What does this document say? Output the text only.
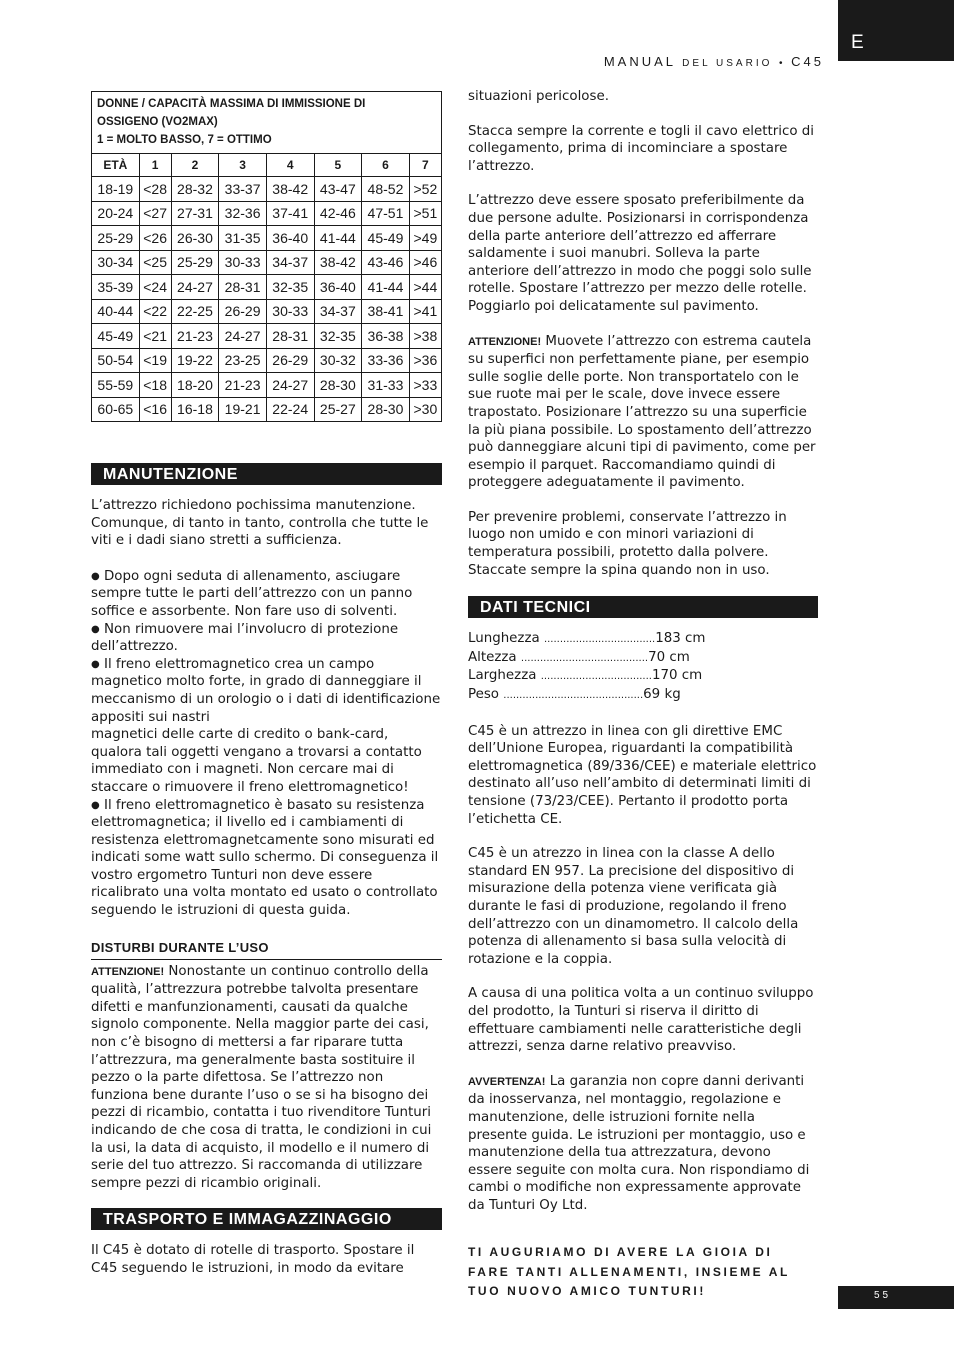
E
MANUAL DEL USARIO • C45
55
DONNE / CAPACITÀ MASSIMA DI IMMISSIONE DI
OSSIGENO (VO2MAX)
1 = MOLTO BASSO, 7 = OTTIMO							

ETÀ	1	2	3	4	5	6	7
18-19	<28	28-32	33-37	38-42	43-47	48-52	>52
20-24	<27	27-31	32-36	37-41	42-46	47-51	>51
25-29	<26	26-30	31-35	36-40	41-44	45-49	>49
30-34	<25	25-29	30-33	34-37	38-42	43-46	>46
35-39	<24	24-27	28-31	32-35	36-40	41-44	>44
40-44	<22	22-25	26-29	30-33	34-37	38-41	>41
45-49	<21	21-23	24-27	28-31	32-35	36-38	>38
50-54	<19	19-22	23-25	26-29	30-32	33-36	>36
55-59	<18	18-20	21-23	24-27	28-30	31-33	>33
60-65	<16	16-18	19-21	22-24	25-27	28-30	>30
MANUTENZIONE

L’attrezzo richiedono pochissima manutenzione. Comunque, di tanto in tanto, controlla che tutte le viti e i dadi siano stretti a sufficienza.

● Dopo ogni seduta di allenamento, asciugare sempre tutte le parti dell’attrezzo con un panno soffice e assorbente. Non fare uso di solventi.

● Non rimuovere mai l’involucro di protezione dell’attrezzo.

● Il freno elettromagnetico crea un campo magnetico molto forte, in grado di danneggiare il meccanismo di un orologio o i dati di identificazione appositi sui nastri

magnetici delle carte di credito o bank-card, qualora tali oggetti vengano a trovarsi a contatto immediato con i magneti. Non cercare mai di staccare o rimuovere il freno elettromagnetico!

● Il freno elettromagnetico è basato su resistenza elettromagnetica; il livello ed i cambiamenti di resistenza elettromagnetcamente sono misurati ed indicati some watt sullo schermo. Di conseguenza il vostro ergometro Tunturi non deve essere ricalibrato una volta montato ed usato o controllato seguendo le istruzioni di questa guida.

DISTURBI DURANTE L’USO

ATTENZIONE! Nonostante un continuo controllo della qualità, l’attrezzura potrebbe talvolta presentare difetti e manfunzionamenti, causati da qualche signolo componente. Nella maggior parte dei casi, non c’è bisogno di mettersi a far riparare tutta l’attrezzura, ma generalmente basta sostituire il pezzo o la parte difettosa. Se l’attrezzo non funziona bene durante l’uso o se si ha bisogno dei pezzi di ricambio, contatta i tuo rivenditore Tunturi indicando de che cosa di tratta, le condizioni in cui la usi, la data di acquisto, il modello e il numero di serie del tuo attrezzo. Si raccomanda di utilizzare sempre pezzi di ricambio originali.

TRASPORTO E IMMAGAZZINAGGIO

Il C45 è dotato di rotelle di trasporto. Spostare il C45 seguendo le istruzioni, in modo da evitare

situazioni pericolose.

Stacca sempre la corrente e togli il cavo elettrico di collegamento, prima di incominciare a spostare l’attrezzo.

L’attrezzo deve essere sposato preferibilmente da due persone adulte. Posizionarsi in corrispondenza della parte anteriore dell’attrezzo ed afferrare saldamente i suoi manubri. Solleva la parte anteriore dell’attrezzo in modo che poggi solo sulle rotelle. Spostare l’attrezzo per mezzo delle rotelle. Poggiarlo poi delicatamente sul pavimento.

ATTENZIONE! Muovete l’attrezzo con estrema cautela su superfici non perfettamente piane, per esempio sulle soglie delle porte. Non transportatelo con le sue ruote mai per le scale, dove invece essere trapostato. Posizionare l’attrezzo su una superficie la più piana possibile. Lo spostamento dell’attrezzo può danneggiare alcuni tipi di pavimento, come per esempio il parquet. Raccomandiamo quindi di proteggere adeguatamente il pavimento.

Per prevenire problemi, conservate l’attrezzo in luogo non umido e con minori variazioni di temperatura possibili, protetto dalla polvere. Staccate sempre la spina quando non in uso.

DATI TECNICI
Lunghezza ...................................183 cm
Altezza ........................................70 cm
Larghezza ...................................170 cm
Peso ............................................69 kg

C45 è un attrezzo in linea con gli direttive EMC dell’Unione Europea, riguardanti la compatibilità elettromagnetica (89/336/CEE) e materiale elettrico destinato all’uso nell’ambito di determinati limiti di tensione (73/23/CEE). Pertanto il prodotto porta l’etichetta CE.

C45 è un atrezzo in linea con la classe A dello standard EN 957. La precisione del dispositivo di misurazione della potenza viene verificata già durante le fasi di produzione, regolando il freno dell’attrezzo con un dinamometro. Il calcolo della potenza di allenamento si basa sulla velocità di rotazione e la coppia.

A causa di una politica volta a un continuo sviluppo del prodotto, la Tunturi si riserva il diritto di effettuare cambiamenti nelle caratteristiche degli attrezzi, senza darne relativo preavviso.

AVVERTENZA! La garanzia non copre danni derivanti da inosservanza, nel montaggio, regolazione e manutenzione, delle istruzioni fornite nella presente guida. Le istruzioni per montaggio, uso e manutenzione della tua attrezzatura, devono essere seguite con molta cura. Non rispondiamo di cambi o modifiche non expressamente approvate da Tunturi Oy Ltd.

TI AUGURIAMO DI AVERE LA GIOIA DI FARE TANTI ALLENAMENTI, INSIEME AL TUO NUOVO AMICO TUNTURI!
